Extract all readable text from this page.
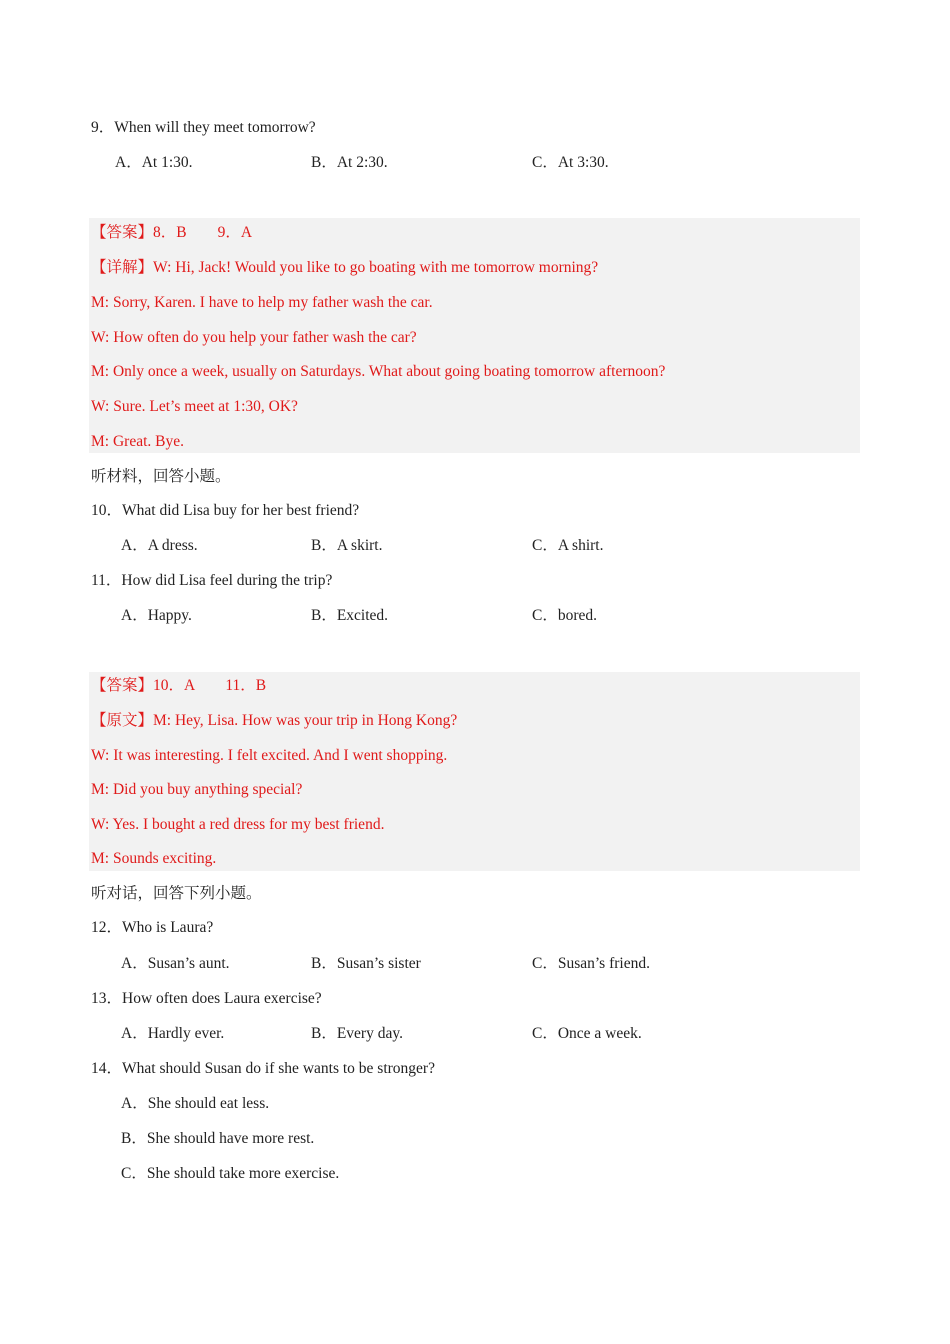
9．When will they meet tomorrow?
A．At 1:30.	B．At 2:30.	C．At 3:30.
【答案】8．B　　9．A
【详解】W: Hi, Jack! Would you like to go boating with me tomorrow morning?
M: Sorry, Karen. I have to help my father wash the car.
W: How often do you help your father wash the car?
M: Only once a week, usually on Saturdays. What about going boating tomorrow afternoon?
W: Sure. Let’s meet at 1:30, OK?
M: Great. Bye.
听材料，回答小题。
10．What did Lisa buy for her best friend?
A．A dress.	B．A skirt.	C．A shirt.
11．How did Lisa feel during the trip?
A．Happy.	B．Excited.	C．bored.
【答案】10．A　　11．B
【原文】M: Hey, Lisa. How was your trip in Hong Kong?
W: It was interesting. I felt excited. And I went shopping.
M: Did you buy anything special?
W: Yes. I bought a red dress for my best friend.
M: Sounds exciting.
听对话，回答下列小题。
12．Who is Laura?
A．Susan’s aunt.	B．Susan’s sister	C．Susan’s friend.
13．How often does Laura exercise?
A．Hardly ever.	B．Every day.	C．Once a week.
14．What should Susan do if she wants to be stronger?
A．She should eat less.
B．She should have more rest.
C．She should take more exercise.
